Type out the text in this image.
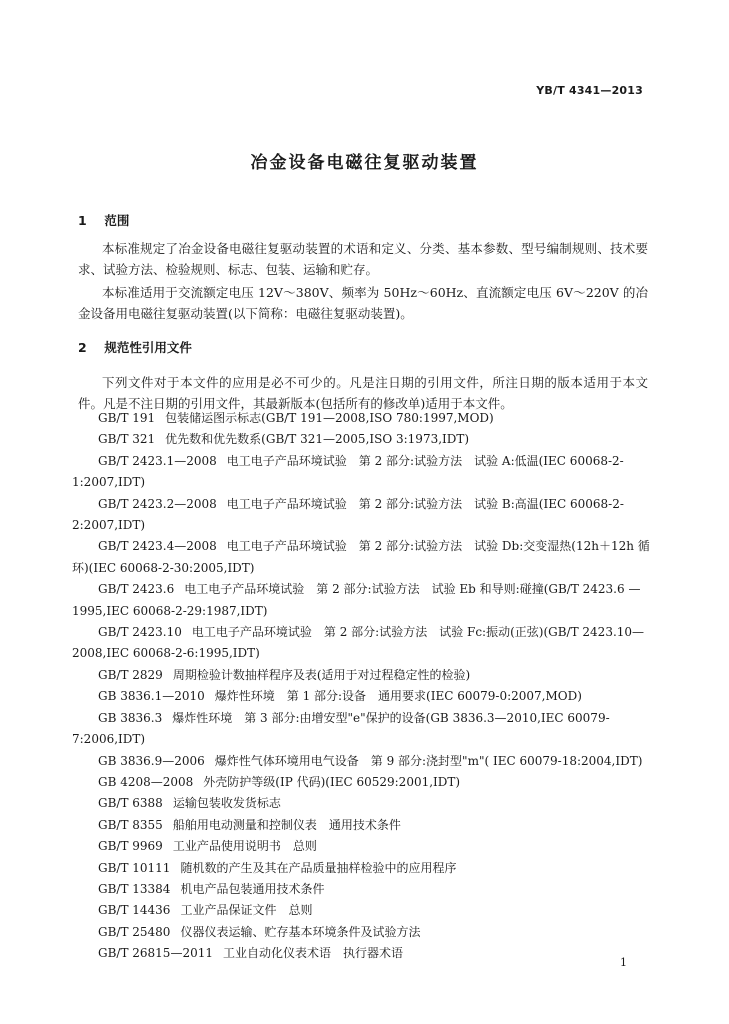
YB/T 4341—2013
冶金设备电磁往复驱动装置
1 范围
本标准规定了冶金设备电磁往复驱动装置的术语和定义、分类、基本参数、型号编制规则、技术要求、试验方法、检验规则、标志、包装、运输和贮存。
本标准适用于交流额定电压 12V～380V、频率为 50Hz～60Hz、直流额定电压 6V～220V 的冶金设备用电磁往复驱动装置(以下简称：电磁往复驱动装置)。
2 规范性引用文件
下列文件对于本文件的应用是必不可少的。凡是注日期的引用文件，所注日期的版本适用于本文件。凡是不注日期的引用文件，其最新版本(包括所有的修改单)适用于本文件。
GB/T 191 包装储运图示标志(GB/T 191—2008,ISO 780:1997,MOD)
GB/T 321 优先数和优先数系(GB/T 321—2005,ISO 3:1973,IDT)
GB/T 2423.1—2008 电工电子产品环境试验　第 2 部分:试验方法　试验 A:低温(IEC 60068-2-1:2007,IDT)
GB/T 2423.2—2008 电工电子产品环境试验　第 2 部分:试验方法　试验 B:高温(IEC 60068-2-2:2007,IDT)
GB/T 2423.4—2008 电工电子产品环境试验　第 2 部分:试验方法　试验 Db:交变湿热(12h＋12h 循环)(IEC 60068-2-30:2005,IDT)
GB/T 2423.6 电工电子产品环境试验　第 2 部分:试验方法　试验 Eb 和导则:碰撞(GB/T 2423.6 —1995,IEC 60068-2-29:1987,IDT)
GB/T 2423.10 电工电子产品环境试验　第 2 部分:试验方法　试验 Fc:振动(正弦)(GB/T 2423.10—2008,IEC 60068-2-6:1995,IDT)
GB/T 2829 周期检验计数抽样程序及表(适用于对过程稳定性的检验)
GB 3836.1—2010 爆炸性环境　第 1 部分:设备　通用要求(IEC 60079-0:2007,MOD)
GB 3836.3 爆炸性环境　第 3 部分:由增安型"e"保护的设备(GB 3836.3—2010,IEC 60079-7:2006,IDT)
GB 3836.9—2006 爆炸性气体环境用电气设备　第 9 部分:浇封型"m"( IEC 60079-18:2004,IDT)
GB 4208—2008 外壳防护等级(IP 代码)(IEC 60529:2001,IDT)
GB/T 6388 运输包装收发货标志
GB/T 8355 船舶用电动测量和控制仪表　通用技术条件
GB/T 9969 工业产品使用说明书　总则
GB/T 10111 随机数的产生及其在产品质量抽样检验中的应用程序
GB/T 13384 机电产品包装通用技术条件
GB/T 14436 工业产品保证文件　总则
GB/T 25480 仪器仪表运输、贮存基本环境条件及试验方法
GB/T 26815—2011 工业自动化仪表术语　执行器术语
1
